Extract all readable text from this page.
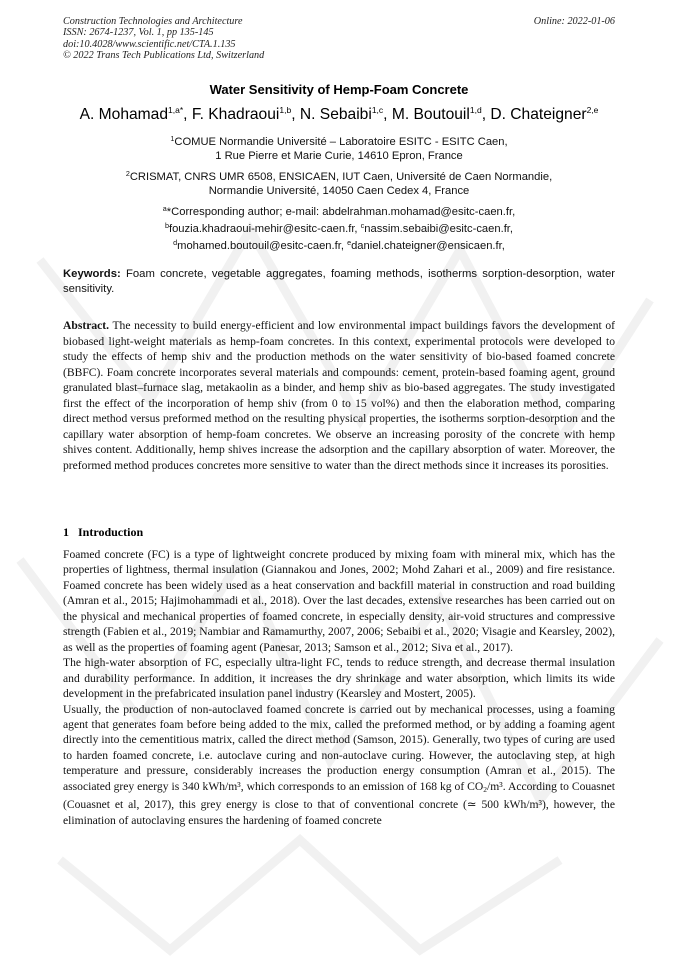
Construction Technologies and Architecture
ISSN: 2674-1237, Vol. 1, pp 135-145
doi:10.4028/www.scientific.net/CTA.1.135
© 2022 Trans Tech Publications Ltd, Switzerland
Online: 2022-01-06
Water Sensitivity of Hemp-Foam Concrete
A. Mohamad$^{1,a*}$, F. Khadraoui$^{1,b}$, N. Sebaibi$^{1,c}$, M. Boutouil$^{1,d}$, D. Chateigner$^{2,e}$
$^1$COMUE Normandie Université – Laboratoire ESITC - ESITC Caen,
1 Rue Pierre et Marie Curie, 14610 Epron, France
$^2$CRISMAT, CNRS UMR 6508, ENSICAEN, IUT Caen, Université de Caen Normandie,
Normandie Université, 14050 Caen Cedex 4, France
$^a$*Corresponding author; e-mail: abdelrahman.mohamad@esitc-caen.fr,
$^b$fouzia.khadraoui-mehir@esitc-caen.fr, $^c$nassim.sebaibi@esitc-caen.fr,
$^d$mohamed.boutouil@esitc-caen.fr, $^e$daniel.chateigner@ensicaen.fr,
Keywords: Foam concrete, vegetable aggregates, foaming methods, isotherms sorption-desorption, water sensitivity.
Abstract. The necessity to build energy-efficient and low environmental impact buildings favors the development of biobased light-weight materials as hemp-foam concretes. In this context, experimental protocols were developed to study the effects of hemp shiv and the production methods on the water sensitivity of bio-based foamed concrete (BBFC). Foam concrete incorporates several materials and compounds: cement, protein-based foaming agent, ground granulated blast–furnace slag, metakaolin as a binder, and hemp shiv as bio-based aggregates. The study investigated first the effect of the incorporation of hemp shiv (from 0 to 15 vol%) and then the elaboration method, comparing direct method versus preformed method on the resulting physical properties, the isotherms sorption-desorption and the capillary water absorption of hemp-foam concretes. We observe an increasing porosity of the concrete with hemp shives content. Additionally, hemp shives increase the adsorption and the capillary absorption of water. Moreover, the preformed method produces concretes more sensitive to water than the direct methods since it increases its porosities.
1 Introduction

Foamed concrete (FC) is a type of lightweight concrete produced by mixing foam with mineral mix, which has the properties of lightness, thermal insulation (Giannakou and Jones, 2002; Mohd Zahari et al., 2009) and fire resistance. Foamed concrete has been widely used as a heat conservation and backfill material in construction and road building (Amran et al., 2015; Hajimohammadi et al., 2018). Over the last decades, extensive researches has been carried out on the physical and mechanical properties of foamed concrete, in especially density, air-void structures and compressive strength (Fabien et al., 2019; Nambiar and Ramamurthy, 2007, 2006; Sebaibi et al., 2020; Visagie and Kearsley, 2002), as well as the properties of foaming agent (Panesar, 2013; Samson et al., 2012; Siva et al., 2017).

The high-water absorption of FC, especially ultra-light FC, tends to reduce strength, and decrease thermal insulation and durability performance. In addition, it increases the dry shrinkage and water absorption, which limits its wide development in the prefabricated insulation panel industry (Kearsley and Mostert, 2005).

Usually, the production of non-autoclaved foamed concrete is carried out by mechanical processes, using a foaming agent that generates foam before being added to the mix, called the preformed method, or by adding a foaming agent directly into the cementitious matrix, called the direct method (Samson, 2015). Generally, two types of curing are used to harden foamed concrete, i.e. autoclave curing and non-autoclave curing. However, the autoclaving step, at high temperature and pressure, considerably increases the production energy consumption (Amran et al., 2015). The associated grey energy is 340 kWh/m³, which corresponds to an emission of 168 kg of $CO_2/m^3$. According to Couasnet (Couasnet et al, 2017), this grey energy is close to that of conventional concrete (≃ 500 kWh/m³), however, the elimination of autoclaving ensures the hardening of foamed concrete
